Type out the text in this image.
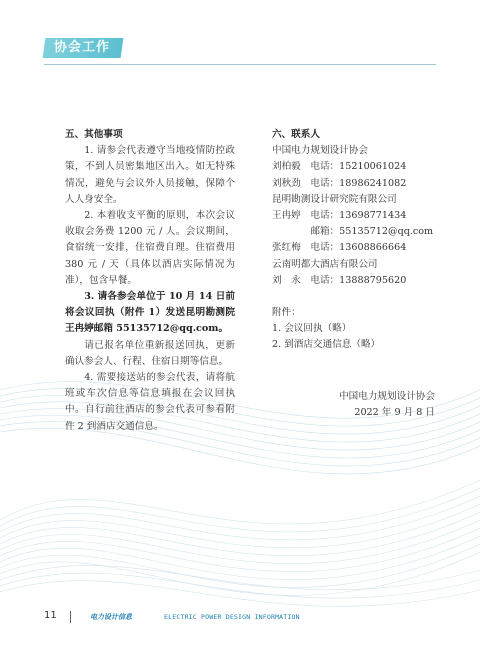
协会工作
五、其他事项
1. 请参会代表遵守当地疫情防控政策，不到人员密集地区出入。如无特殊情况，避免与会议外人员接触，保障个人人身安全。
2. 本着收支平衡的原则，本次会议收取会务费 1200 元 / 人。会议期间，食宿统一安排，住宿费自理。住宿费用 380 元 / 天（具体以酒店实际情况为准），包含早餐。
3. 请各参会单位于 10 月 14 日前将会议回执（附件 1）发送昆明勘测院王冉婷邮箱 55135712@qq.com。
请已报名单位重新报送回执，更新确认参会人、行程、住宿日期等信息。
4. 需要接送站的参会代表，请将航班或车次信息等信息填报在会议回执中。自行前往酒店的参会代表可参看附件 2 到酒店交通信息。
六、联系人
中国电力规划设计协会
刘柏毅　电话：15210061024
刘秋劲　电话：18986241082
昆明勘测设计研究院有限公司
王冉婷　电话：13698771434
　　　　邮箱：55135712@qq.com
张红梅　电话：13608866664
云南明都大酒店有限公司
刘　永　电话：13888795620
附件：
1. 会议回执（略）
2. 到酒店交通信息（略）
中国电力规划设计协会
2022 年 9 月 8 日
11	电力设计信息	ELECTRIC POWER DESIGN INFORMATION
